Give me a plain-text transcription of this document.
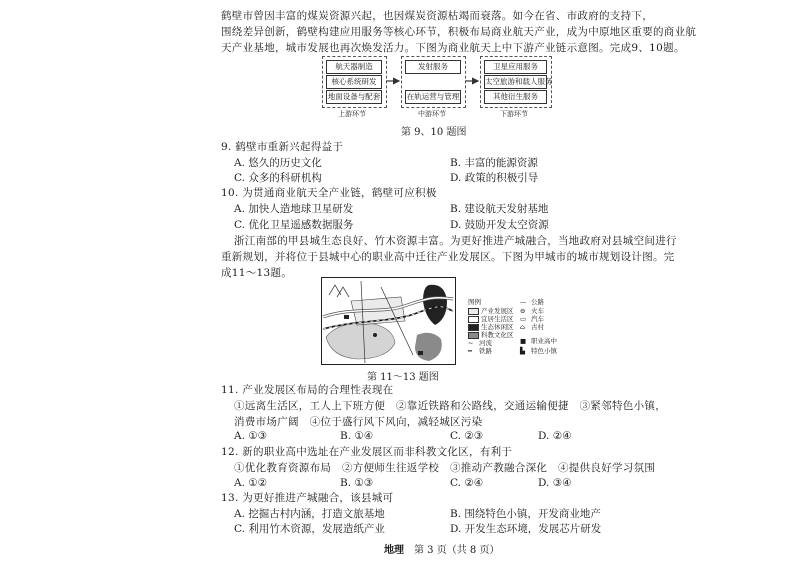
鹤壁市曾因丰富的煤炭资源兴起，也因煤炭资源枯竭而衰落。如今在省、市政府的支持下，
围绕差异创新，鹤壁构建应用服务等核心环节，积极布局商业航天产业，成为中原地区重要的商业航
天产业基地，城市发展也再次焕发活力。下图为商业航天上中下游产业链示意图。完成9、10题。
航天器制造
核心系统研发
地面设备与配套
上游环节
发射服务
在轨运营与管理
中游环节
卫星应用服务
太空旅游和载人服务
其他衍生服务
下游环节
第 9、10 题图
9. 鹤壁市重新兴起得益于
A. 悠久的历史文化	B. 丰富的能源资源
C. 众多的科研机构	D. 政策的积极引导
10. 为贯通商业航天全产业链，鹤壁可应积极
A. 加快人造地球卫星研发	B. 建设航天发射基地
C. 优化卫星遥感数据服务	D. 鼓励开发太空资源
浙江南部的甲县城生态良好、竹木资源丰富。为更好推进产城融合，当地政府对县城空间进行
重新规划，并将位于县城中心的职业高中迁往产业发展区。下图为甲城市的城市规划设计图。完
成11～13题。
图例
产业发展区
宜居生活区
生态休闲区
科教文化区
~ 河流
━ 铁路
— 公路
⊖ 火车
▭ 汽车
⌂ 古村
■ 职业高中
▙ 特色小镇
第 11～13 题图
11. 产业发展区布局的合理性表现在
①远离生活区，工人上下班方便　②靠近铁路和公路线，交通运输便捷　③紧邻特色小镇，
消费市场广阔　④位于盛行风下风向，减轻城区污染
A. ①③	B. ①④	C. ②③	D. ②④
12. 新的职业高中选址在产业发展区而非科教文化区，有利于
①优化教育资源布局　②方便师生往返学校　③推动产教融合深化　④提供良好学习氛围
A. ①②	B. ①③	C. ②④	D. ③④
13. 为更好推进产城融合，该县城可
A. 挖掘古村内涵，打造文旅基地	B. 围绕特色小镇，开发商业地产
C. 利用竹木资源，发展造纸产业	D. 开发生态环境，发展芯片研发
地理 第 3 页（共 8 页）
